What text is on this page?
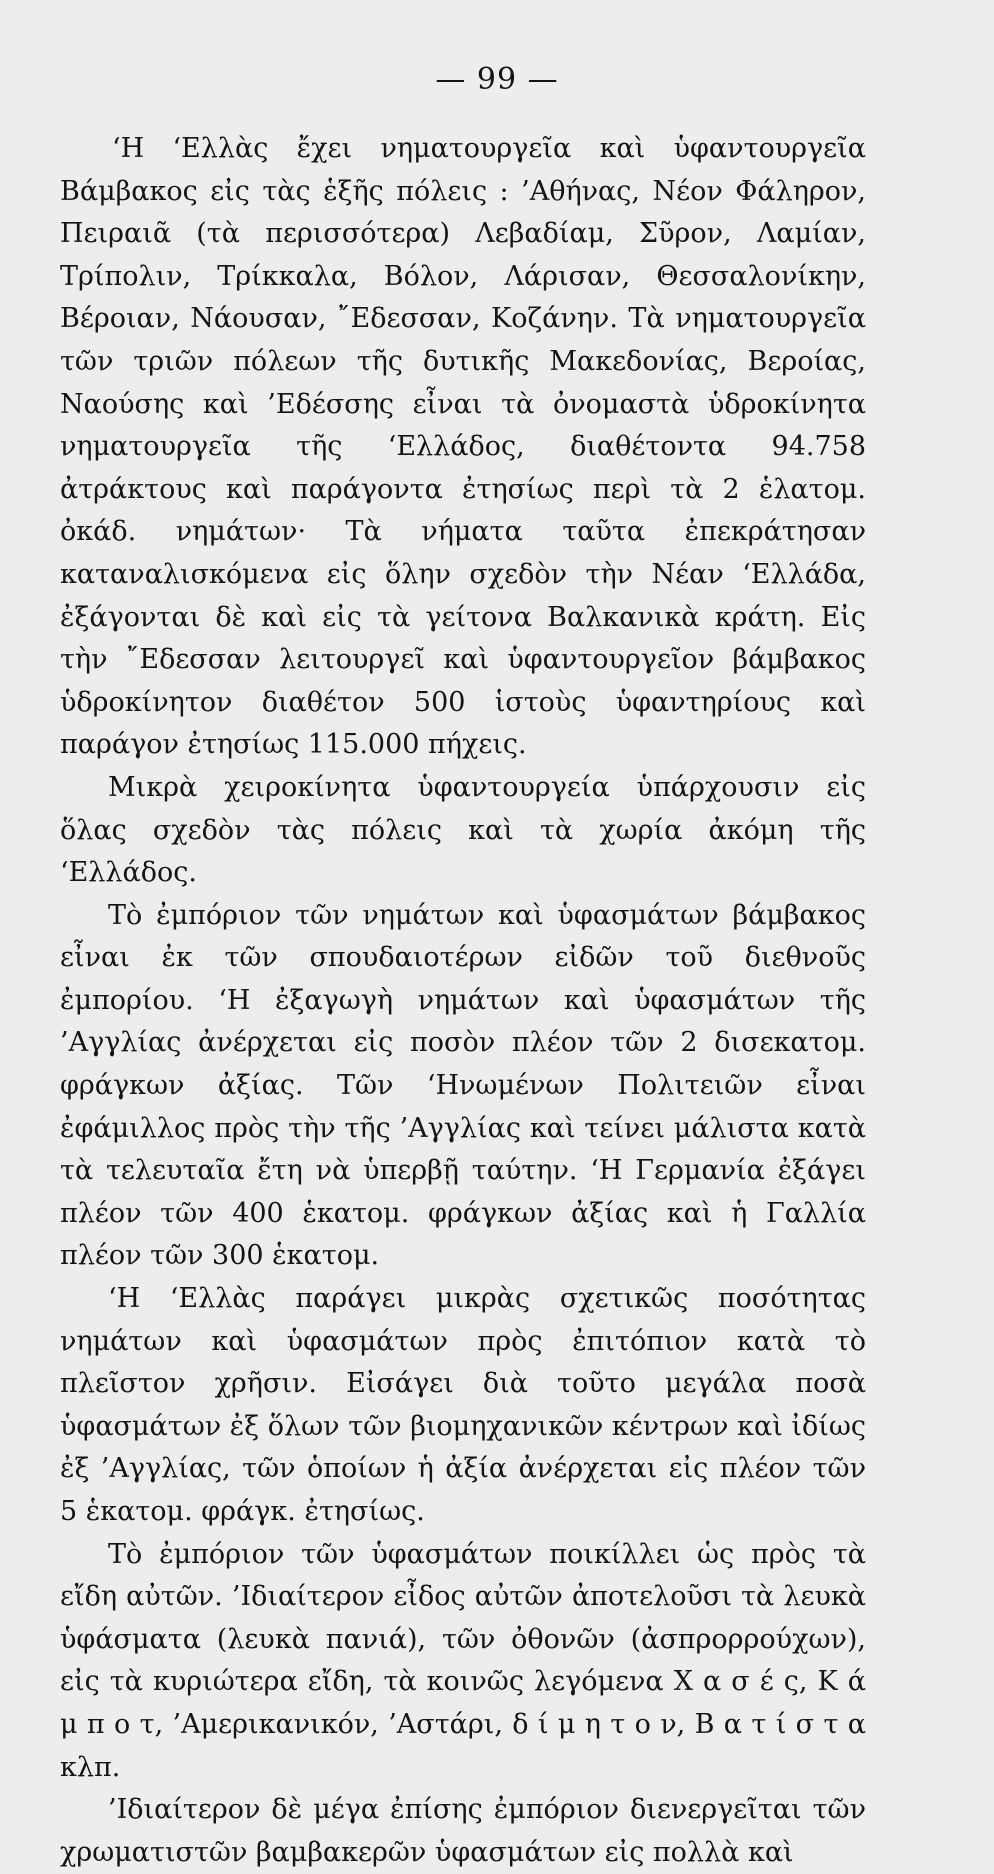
— 99 —

‘Η ‘Ελλὰς ἔχει νηματουργεῖα καὶ ὑφαντουργεῖα Βάμβακος εἰς τὰς ἑξῆς πόλεις : ’Αθήνας, Νέον Φάληρον, Πειραιᾶ (τὰ περισσότερα) Λεβαδίαμ, Σῦρον, Λαμίαν, Τρίπολιν, Τρίκκαλα, Βόλον, Λάρισαν, Θεσσαλονίκην, Βέροιαν, Νάουσαν, ῎Εδεσσαν, Κοζάνην. Τὰ νηματουργεῖα τῶν τριῶν πόλεων τῆς δυτικῆς Μακεδονίας, Βεροίας, Ναούσης καὶ ’Εδέσσης εἶναι τὰ ὀνομαστὰ ὑδροκίνητα νηματουργεῖα τῆς ‘Ελλάδος, διαθέτοντα 94.758 ἀτράκτους καὶ παράγοντα ἐτησίως περὶ τὰ 2 ἑλατομ. ὀκάδ. νημάτων· Τὰ νήματα ταῦτα ἐπεκράτησαν καταναλισκόμενα εἰς ὅλην σχεδὸν τὴν Νέαν ‘Ελλάδα, ἐξάγονται δὲ καὶ εἰς τὰ γείτονα Βαλκανικὰ κράτη. Εἰς τὴν ῎Εδεσσαν λειτουργεῖ καὶ ὑφαντουργεῖον βάμβακος ὑδροκίνητον διαθέτον 500 ἱστοὺς ὑφαντηρίους καὶ παράγον ἐτησίως 115.000 πήχεις.

Μικρὰ χειροκίνητα ὑφαντουργεία ὑπάρχουσιν εἰς ὅλας σχεδὸν τὰς πόλεις καὶ τὰ χωρία ἀκόμη τῆς ‘Ελλάδος.

Τὸ ἐμπόριον τῶν νημάτων καὶ ὑφασμάτων βάμβακος εἶναι ἐκ τῶν σπουδαιοτέρων εἰδῶν τοῦ διεθνοῦς ἐμπορίου. ‘Η ἐξαγωγὴ νημάτων καὶ ὑφασμάτων τῆς ’Αγγλίας ἀνέρχεται εἰς ποσὸν πλέον τῶν 2 δισεκατομ. φράγκων ἀξίας. Τῶν ‘Ηνωμένων Πολιτειῶν εἶναι ἐφάμιλλος πρὸς τὴν τῆς ’Αγγλίας καὶ τείνει μάλιστα κατὰ τὰ τελευταῖα ἔτη νὰ ὑπερβῇ ταύτην. ‘Η Γερμανία ἐξάγει πλέον τῶν 400 ἑκατομ. φράγκων ἀξίας καὶ ἡ Γαλλία πλέον τῶν 300 ἑκατομ.

‘Η ‘Ελλὰς παράγει μικρὰς σχετικῶς ποσότητας νημάτων καὶ ὑφασμάτων πρὸς ἐπιτόπιον κατὰ τὸ πλεῖστον χρῆσιν. Εἰσάγει διὰ τοῦτο μεγάλα ποσὰ ὑφασμάτων ἐξ ὅλων τῶν βιομηχανικῶν κέντρων καὶ ἰδίως ἐξ ’Αγγλίας, τῶν ὁποίων ἡ ἀξία ἀνέρχεται εἰς πλέον τῶν 5 ἑκατομ. φράγκ. ἐτησίως.

Τὸ ἐμπόριον τῶν ὑφασμάτων ποικίλλει ὡς πρὸς τὰ εἴδη αὐτῶν. ’Ιδιαίτερον εἶδος αὐτῶν ἀποτελοῦσι τὰ λευκὰ ὑφάσματα (λευκὰ πανιά), τῶν ὀθονῶν (ἀσπρορρούχων), εἰς τὰ κυριώτερα εἴδη, τὰ κοινῶς λεγόμενα Χ α σ έ ς, Κ ά μ π ο τ, ’Αμερικανικόν, ’Αστάρι, δ ί μ η τ ο ν, Β α τ ί σ τ α κλπ.

’Ιδιαίτερον δὲ μέγα ἐπίσης ἐμπόριον διενεργεῖται τῶν χρωματιστῶν βαμβακερῶν ὑφασμάτων εἰς πολλὰ καὶ
